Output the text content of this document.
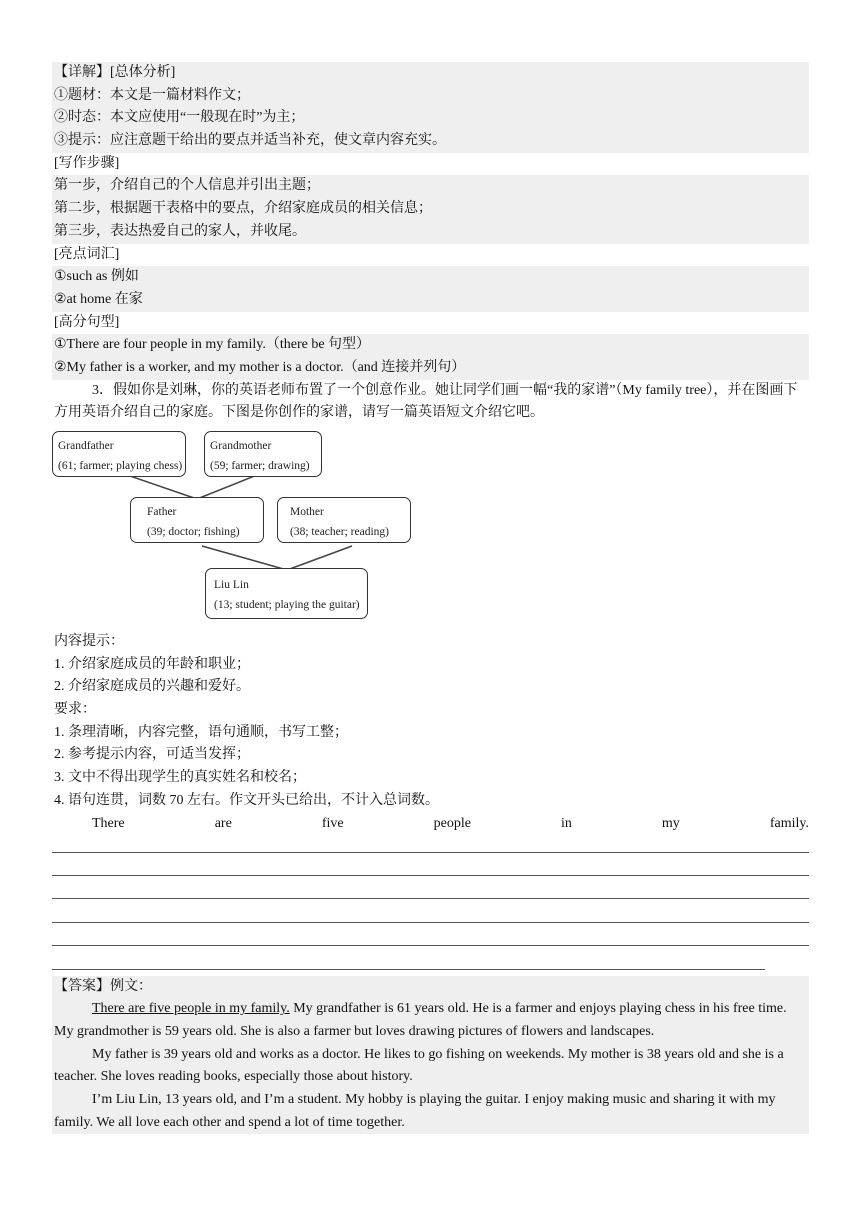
【详解】[总体分析]
①题材：本文是一篇材料作文；
②时态：本文应使用“一般现在时”为主；
③提示：应注意题干给出的要点并适当补充，使文章内容充实。
[写作步骤]
第一步，介绍自己的个人信息并引出主题；
第二步，根据题干表格中的要点，介绍家庭成员的相关信息；
第三步，表达热爱自己的家人，并收尾。
[亮点词汇]
①such as 例如
②at home 在家
[高分句型]
①There are four people in my family.（there be 句型）
②My father is a worker, and my mother is a doctor.（and 连接并列句）
3．假如你是刘琳，你的英语老师布置了一个创意作业。她让同学们画一幅“我的家谱”（My family tree），并在图画下方用英语介绍自己的家庭。下图是你创作的家谱，请写一篇英语短文介绍它吧。
Grandfather
(61; farmer; playing chess)
Grandmother
(59; farmer; drawing)
Father
(39; doctor; fishing)
Mother
(38; teacher; reading)
Liu Lin
(13; student; playing the guitar)
内容提示：
1. 介绍家庭成员的年龄和职业；
2. 介绍家庭成员的兴趣和爱好。
要求：
1. 条理清晰，内容完整，语句通顺，书写工整；
2. 参考提示内容，可适当发挥；
3. 文中不得出现学生的真实姓名和校名；
4. 语句连贯，词数 70 左右。作文开头已给出，不计入总词数。
There	are	five	people	in	my	family.
【答案】例文：
There are five people in my family. My grandfather is 61 years old. He is a farmer and enjoys playing chess in his free time. My grandmother is 59 years old. She is also a farmer but loves drawing pictures of flowers and landscapes.
My father is 39 years old and works as a doctor. He likes to go fishing on weekends. My mother is 38 years old and she is a teacher. She loves reading books, especially those about history.
I’m Liu Lin, 13 years old, and I’m a student. My hobby is playing the guitar. I enjoy making music and sharing it with my family. We all love each other and spend a lot of time together.
